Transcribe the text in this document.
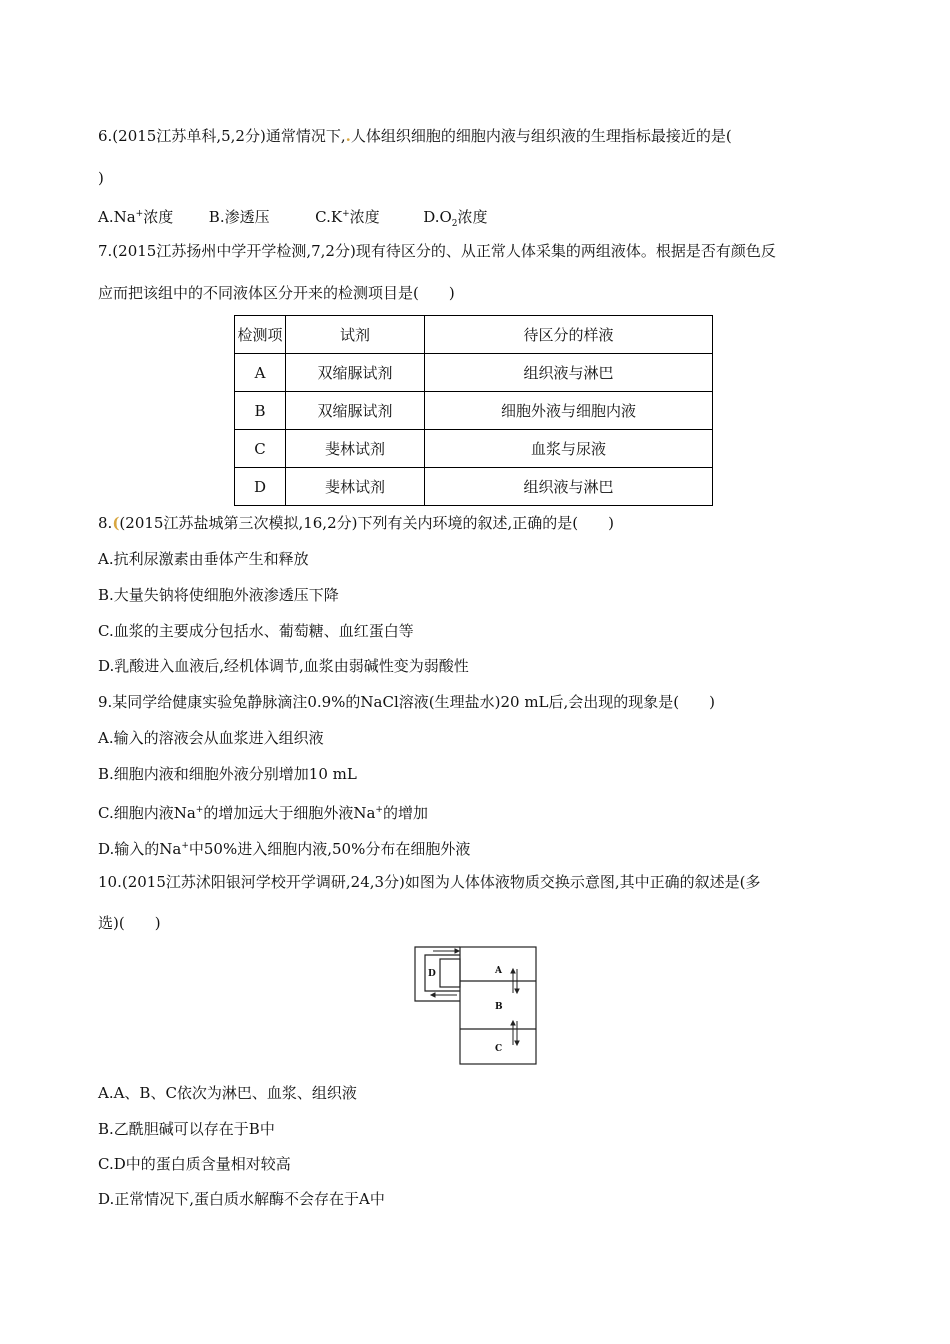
6.(2015江苏单科,5,2分)通常情况下,.人体组织细胞的细胞内液与组织液的生理指标最接近的是(
)
A.Na+浓度 B.渗透压	C.K+浓度	$D.O_2$浓度
7.(2015江苏扬州中学开学检测,7,2分)现有待区分的、从正常人体采集的两组液体。根据是否有颜色反
应而把该组中的不同液体区分开来的检测项目是(　　)
检测项	试剂	待区分的样液
A	双缩脲试剂	组织液与淋巴
B	双缩脲试剂	细胞外液与细胞内液
C	斐林试剂	血浆与尿液
D	斐林试剂	组织液与淋巴
8.((2015江苏盐城第三次模拟,16,2分)下列有关内环境的叙述,正确的是(　　)
A.抗利尿激素由垂体产生和释放
B.大量失钠将使细胞外液渗透压下降
C.血浆的主要成分包括水、葡萄糖、血红蛋白等
D.乳酸进入血液后,经机体调节,血浆由弱碱性变为弱酸性
9.某同学给健康实验兔静脉滴注0.9%的NaCl溶液(生理盐水)20 mL后,会出现的现象是(　　)
A.输入的溶液会从血浆进入组织液
B.细胞内液和细胞外液分别增加10 mL
C.细胞内液Na+的增加远大于细胞外液Na+的增加
D.输入的Na+中50%进入细胞内液,50%分布在细胞外液
10.(2015江苏沭阳银河学校开学调研,24,3分)如图为人体体液物质交换示意图,其中正确的叙述是(多
选)(　　)
A
B
C
D
A.A、B、C依次为淋巴、血浆、组织液
B.乙酰胆碱可以存在于B中
C.D中的蛋白质含量相对较高
D.正常情况下,蛋白质水解酶不会存在于A中
